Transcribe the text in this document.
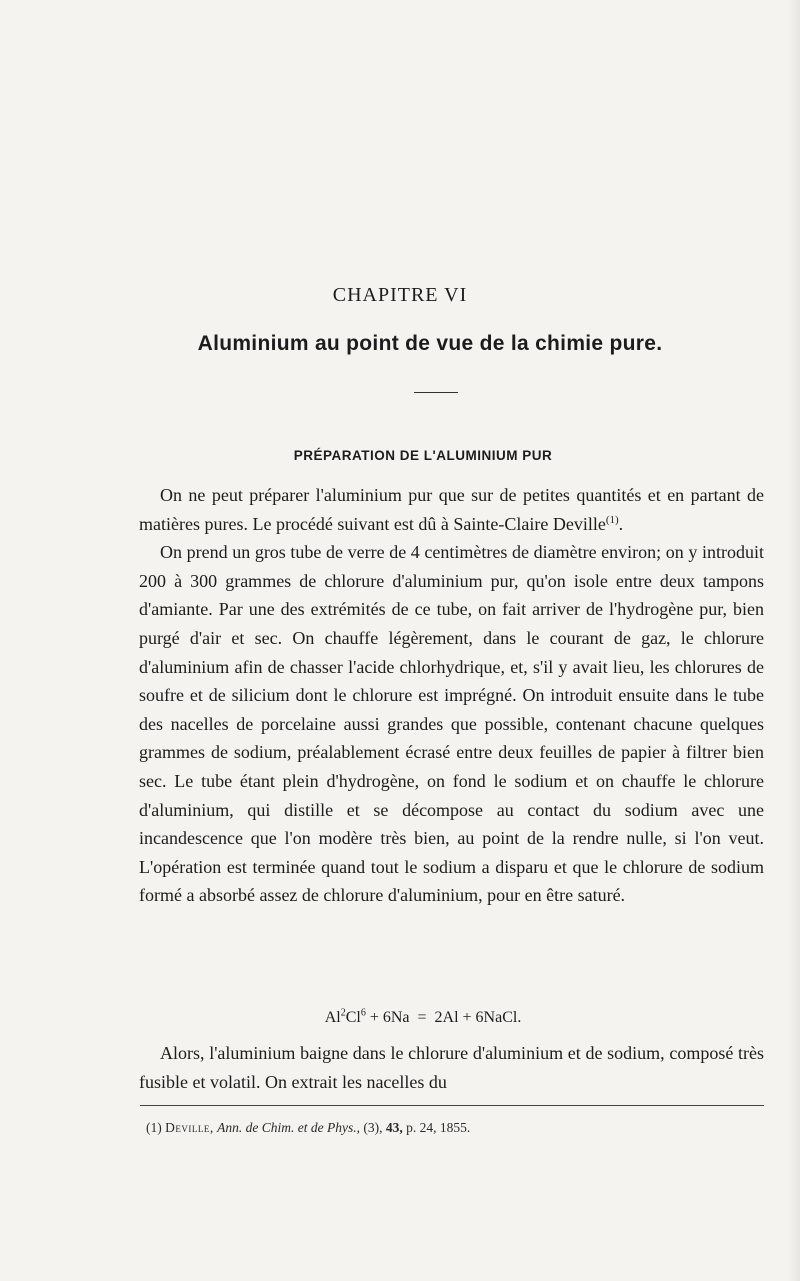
CHAPITRE VI
Aluminium au point de vue de la chimie pure.
PRÉPARATION DE L'ALUMINIUM PUR

On ne peut préparer l'aluminium pur que sur de petites quantités et en partant de matières pures. Le procédé suivant est dû à Sainte-Claire Deville$^{(1)}$.

On prend un gros tube de verre de 4 centimètres de diamètre environ; on y introduit 200 à 300 grammes de chlorure d'aluminium pur, qu'on isole entre deux tampons d'amiante. Par une des extrémités de ce tube, on fait arriver de l'hydrogène pur, bien purgé d'air et sec. On chauffe légèrement, dans le courant de gaz, le chlorure d'aluminium afin de chasser l'acide chlorhydrique, et, s'il y avait lieu, les chlorures de soufre et de silicium dont le chlorure est imprégné. On introduit ensuite dans le tube des nacelles de porcelaine aussi grandes que possible, contenant chacune quelques grammes de sodium, préalablement écrasé entre deux feuilles de papier à filtrer bien sec. Le tube étant plein d'hydrogène, on fond le sodium et on chauffe le chlorure d'aluminium, qui distille et se décompose au contact du sodium avec une incandescence que l'on modère très bien, au point de la rendre nulle, si l'on veut. L'opération est terminée quand tout le sodium a disparu et que le chlorure de sodium formé a absorbé assez de chlorure d'aluminium, pour en être saturé.

$Al^2Cl^6 + 6Na = 2Al$ + 6NaCl.

Alors, l'aluminium baigne dans le chlorure d'aluminium et de sodium, composé très fusible et volatil. On extrait les nacelles du

(1) Deville, Ann. de Chim. et de Phys., (3), 43, p. 24, 1855.
